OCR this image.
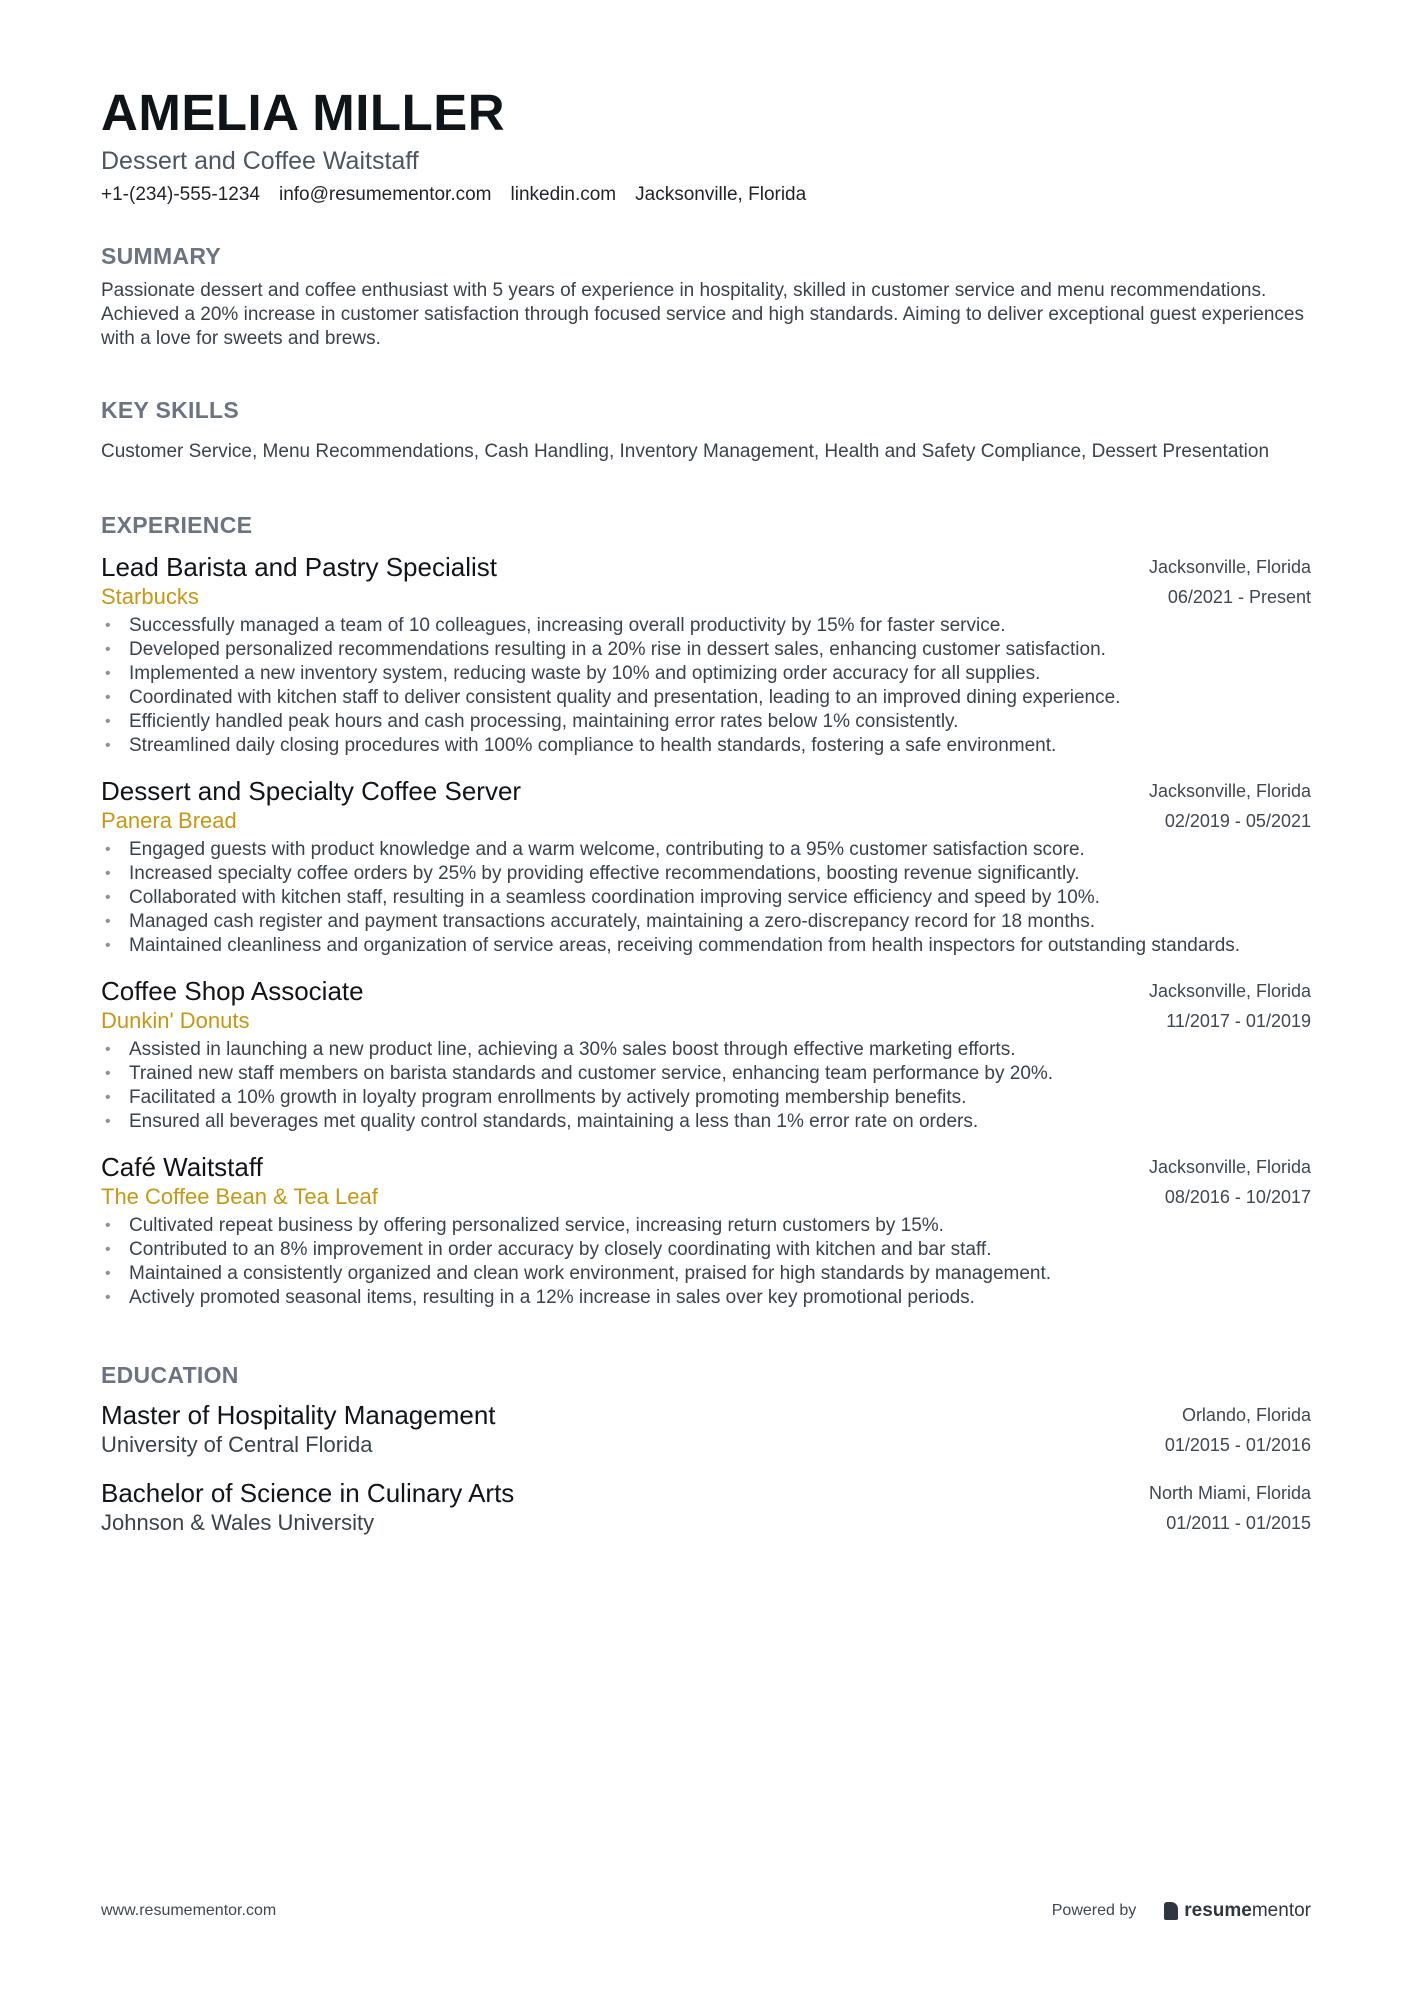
AMELIA MILLER
Dessert and Coffee Waitstaff
+1-(234)-555-1234 info@resumementor.com linkedin.com Jacksonville, Florida
SUMMARY
Passionate dessert and coffee enthusiast with 5 years of experience in hospitality, skilled in customer service and menu recommendations. Achieved a 20% increase in customer satisfaction through focused service and high standards. Aiming to deliver exceptional guest experiences with a love for sweets and brews.
KEY SKILLS
Customer Service, Menu Recommendations, Cash Handling, Inventory Management, Health and Safety Compliance, Dessert Presentation
EXPERIENCE
Lead Barista and Pastry Specialist
Starbucks
Jacksonville, Florida
06/2021 - Present
• Successfully managed a team of 10 colleagues, increasing overall productivity by 15% for faster service.
• Developed personalized recommendations resulting in a 20% rise in dessert sales, enhancing customer satisfaction.
• Implemented a new inventory system, reducing waste by 10% and optimizing order accuracy for all supplies.
• Coordinated with kitchen staff to deliver consistent quality and presentation, leading to an improved dining experience.
• Efficiently handled peak hours and cash processing, maintaining error rates below 1% consistently.
• Streamlined daily closing procedures with 100% compliance to health standards, fostering a safe environment.
Dessert and Specialty Coffee Server
Panera Bread
Jacksonville, Florida
02/2019 - 05/2021
• Engaged guests with product knowledge and a warm welcome, contributing to a 95% customer satisfaction score.
• Increased specialty coffee orders by 25% by providing effective recommendations, boosting revenue significantly.
• Collaborated with kitchen staff, resulting in a seamless coordination improving service efficiency and speed by 10%.
• Managed cash register and payment transactions accurately, maintaining a zero-discrepancy record for 18 months.
• Maintained cleanliness and organization of service areas, receiving commendation from health inspectors for outstanding standards.
Coffee Shop Associate
Dunkin' Donuts
Jacksonville, Florida
11/2017 - 01/2019
• Assisted in launching a new product line, achieving a 30% sales boost through effective marketing efforts.
• Trained new staff members on barista standards and customer service, enhancing team performance by 20%.
• Facilitated a 10% growth in loyalty program enrollments by actively promoting membership benefits.
• Ensured all beverages met quality control standards, maintaining a less than 1% error rate on orders.
Café Waitstaff
The Coffee Bean & Tea Leaf
Jacksonville, Florida
08/2016 - 10/2017
• Cultivated repeat business by offering personalized service, increasing return customers by 15%.
• Contributed to an 8% improvement in order accuracy by closely coordinating with kitchen and bar staff.
• Maintained a consistently organized and clean work environment, praised for high standards by management.
• Actively promoted seasonal items, resulting in a 12% increase in sales over key promotional periods.
EDUCATION
Master of Hospitality Management
University of Central Florida
Orlando, Florida
01/2015 - 01/2016
Bachelor of Science in Culinary Arts
Johnson & Wales University
North Miami, Florida
01/2011 - 01/2015
www.resumementor.com	Powered by	resumementor
